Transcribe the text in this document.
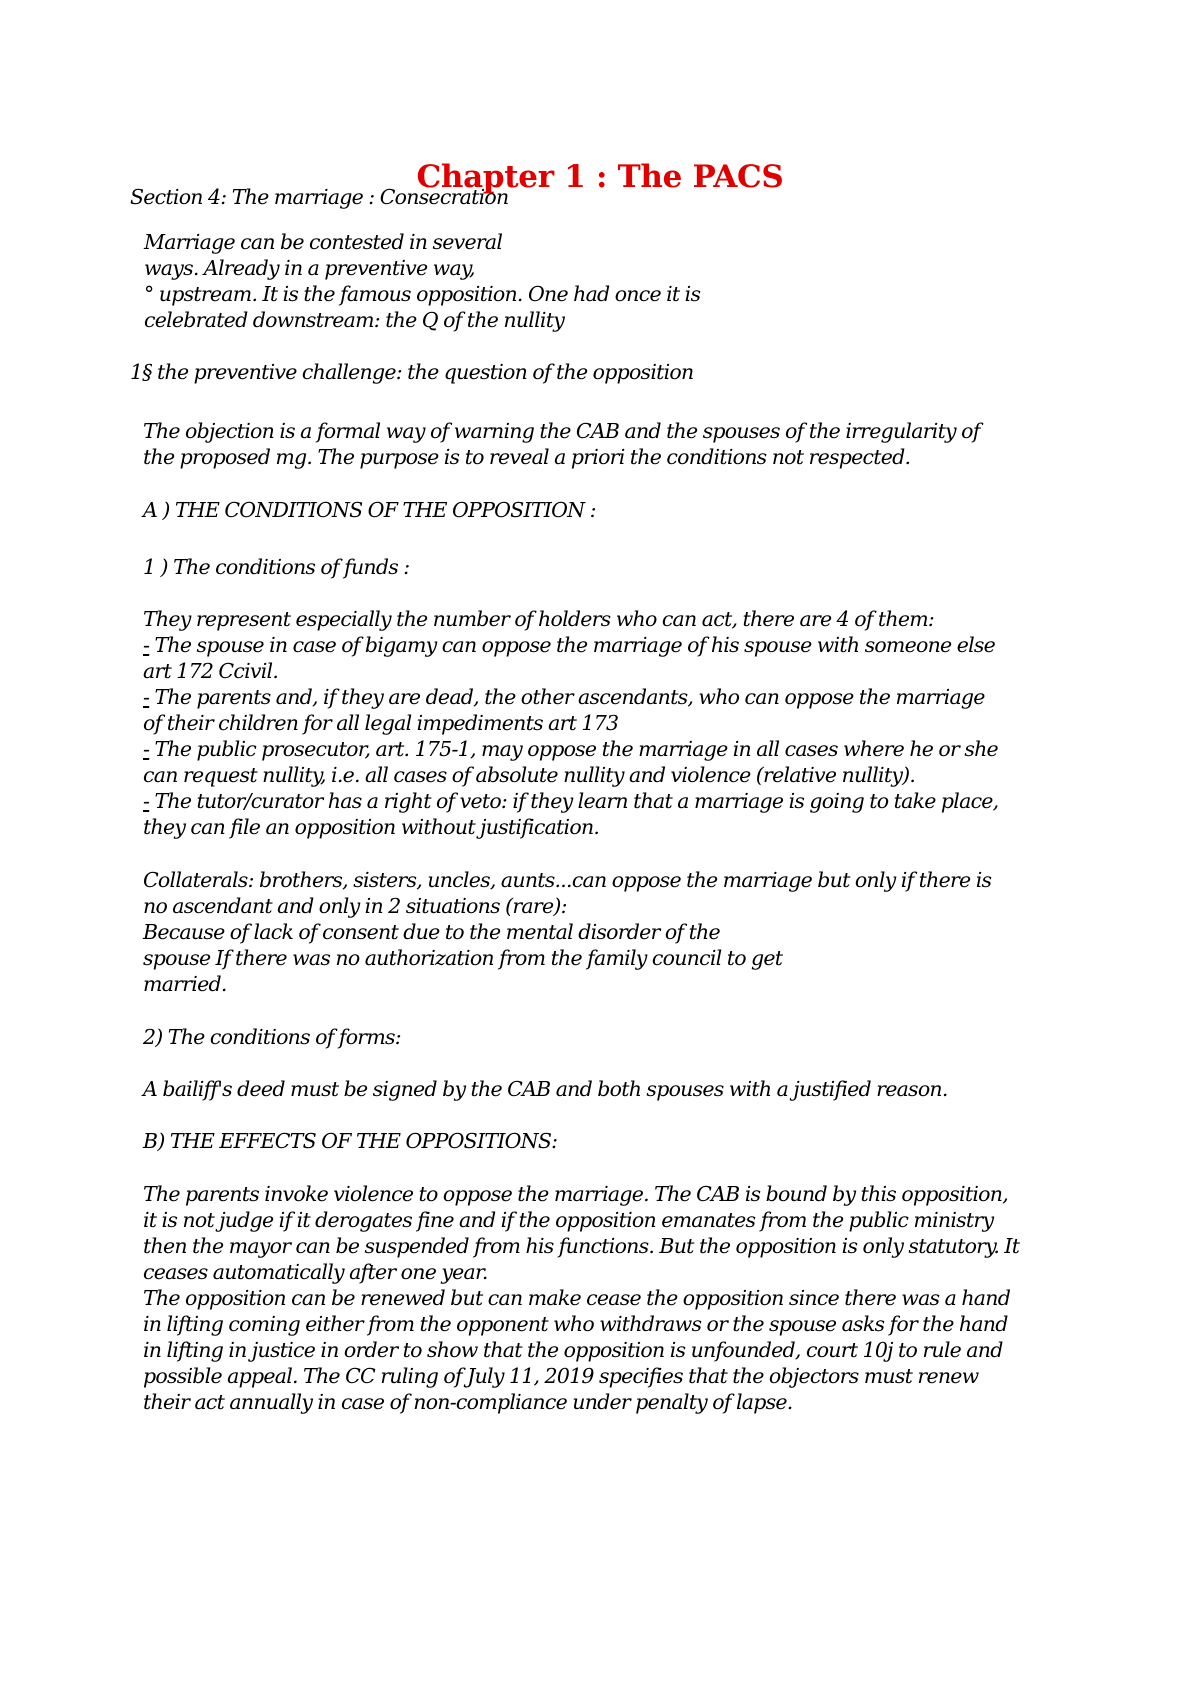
Chapter 1 : The PACS
Section 4: The marriage : Consecration
Marriage can be contested in several
ways. Already in a preventive way,
° upstream. It is the famous opposition. One had once it is
celebrated downstream: the Q of the nullity
1§ the preventive challenge: the question of the opposition
The objection is a formal way of warning the CAB and the spouses of the irregularity of
the proposed mg. The purpose is to reveal a priori the conditions not respected.
A ) THE CONDITIONS OF THE OPPOSITION :
1 ) The conditions of funds :
They represent especially the number of holders who can act, there are 4 of them:
- The spouse in case of bigamy can oppose the marriage of his spouse with someone else
art 172 Ccivil.
- The parents and, if they are dead, the other ascendants, who can oppose the marriage
of their children for all legal impediments art 173
- The public prosecutor, art. 175-1, may oppose the marriage in all cases where he or she
can request nullity, i.e. all cases of absolute nullity and violence (relative nullity).
- The tutor/curator has a right of veto: if they learn that a marriage is going to take place,
they can file an opposition without justification.
Collaterals: brothers, sisters, uncles, aunts...can oppose the marriage but only if there is
no ascendant and only in 2 situations (rare):
Because of lack of consent due to the mental disorder of the
spouse If there was no authorization from the family council to get
married.
2) The conditions of forms:
A bailiff's deed must be signed by the CAB and both spouses with a justified reason.
B) THE EFFECTS OF THE OPPOSITIONS:
The parents invoke violence to oppose the marriage. The CAB is bound by this opposition,
it is not judge if it derogates fine and if the opposition emanates from the public ministry
then the mayor can be suspended from his functions. But the opposition is only statutory. It
ceases automatically after one year.
The opposition can be renewed but can make cease the opposition since there was a hand
in lifting coming either from the opponent who withdraws or the spouse asks for the hand
in lifting in justice in order to show that the opposition is unfounded, court 10j to rule and
possible appeal. The CC ruling of July 11, 2019 specifies that the objectors must renew
their act annually in case of non-compliance under penalty of lapse.
